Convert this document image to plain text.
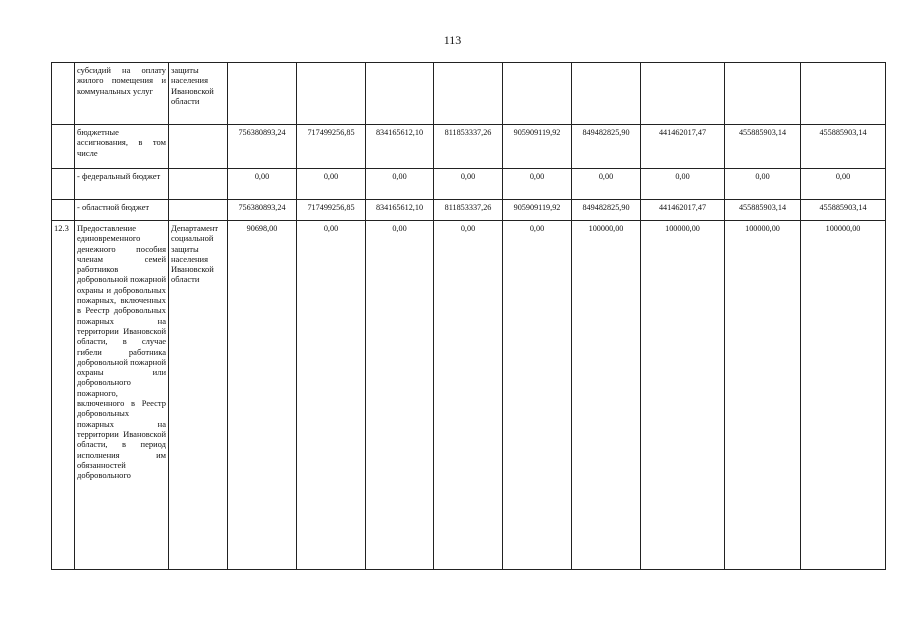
113
	субсидий на оплату жилого помещения и коммунальных услуг	защиты населения Ивановской области									
	бюджетные ассигнования, в том числе		756380893,24	717499256,85	834165612,10	811853337,26	905909119,92	849482825,90	441462017,47	455885903,14	455885903,14
	- федеральный бюджет		0,00	0,00	0,00	0,00	0,00	0,00	0,00	0,00	0,00
	- областной бюджет		756380893,24	717499256,85	834165612,10	811853337,26	905909119,92	849482825,90	441462017,47	455885903,14	455885903,14
12.3	Предоставление единовременного денежного пособия членам семей работников добровольной пожарной охраны и добровольных пожарных, включенных в Реестр добровольных пожарных на территории Ивановской области, в случае гибели работника добровольной пожарной охраны или добровольного пожарного, включенного в Реестр добровольных пожарных на территории Ивановской области, в период исполнения им обязанностей добровольного	Департамент социальной защиты населения Ивановской области	90698,00	0,00	0,00	0,00	0,00	100000,00	100000,00	100000,00	100000,00
